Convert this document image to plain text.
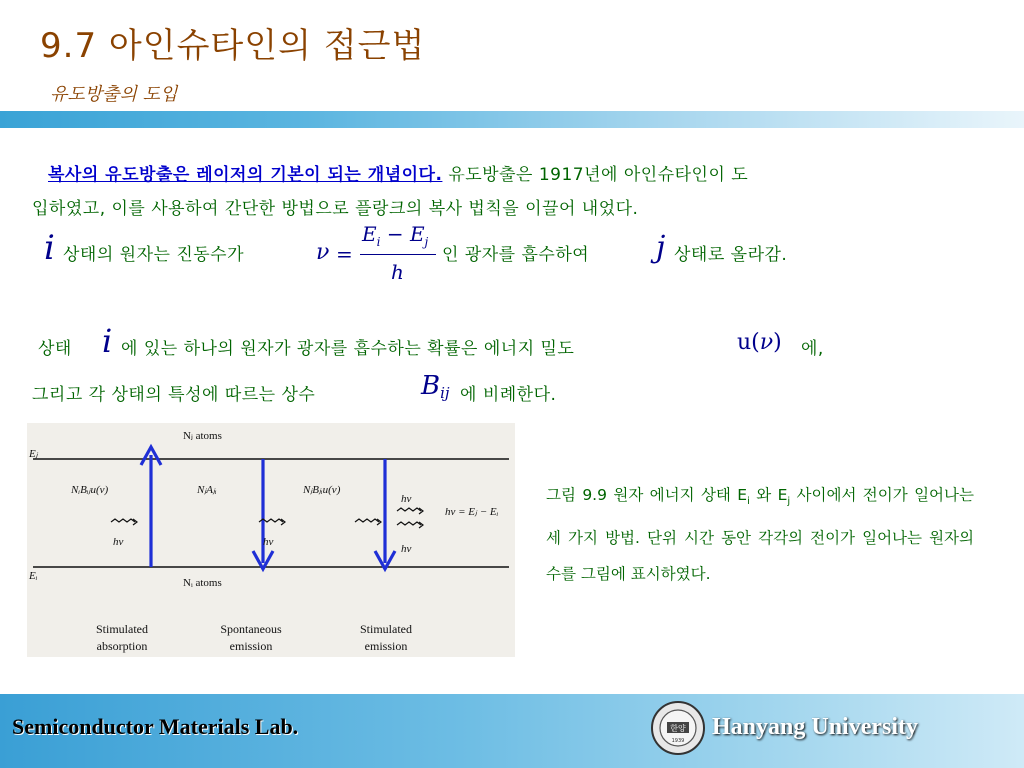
9.7 아인슈타인의 접근법
유도방출의 도입
복사의 유도방출은 레이저의 기본이 되는 개념이다. 유도방출은 1917년에 아인슈타인이 도
입하였고, 이를 사용하여 간단한 방법으로 플랑크의 복사 법칙을 이끌어 내었다.
i 상태의 원자는 진동수가	ν =
$E_i - E_j$
h
인 광자를 흡수하여 j 상태로 올라감.
상태 i 에 있는 하나의 원자가 광자를 흡수하는 확률은 에너지 밀도	u(ν) 에,
그리고 각 상태의 특성에 따르는 상수	$B_{ij}$ 에 비례한다.
Nⱼ atoms
Nᵢ atoms
Eⱼ
Eᵢ
NᵢBᵢⱼu(ν)	NⱼAⱼᵢ	NⱼBⱼᵢu(ν)
hν	hν
hν
hν
hν = Eⱼ − Eᵢ
Stimulated
absorption
Spontaneous
emission
Stimulated
emission
그림 9.9 원자 에너지 상태 $E_i$ 와 $E_j$ 사이에서 전이가 일어나는 세 가지 방법. 단위 시간 동안 각각의 전이가 일어나는 원자의 수를 그림에 표시하였다.
Semiconductor Materials Lab.	한양
1939
Hanyang University
